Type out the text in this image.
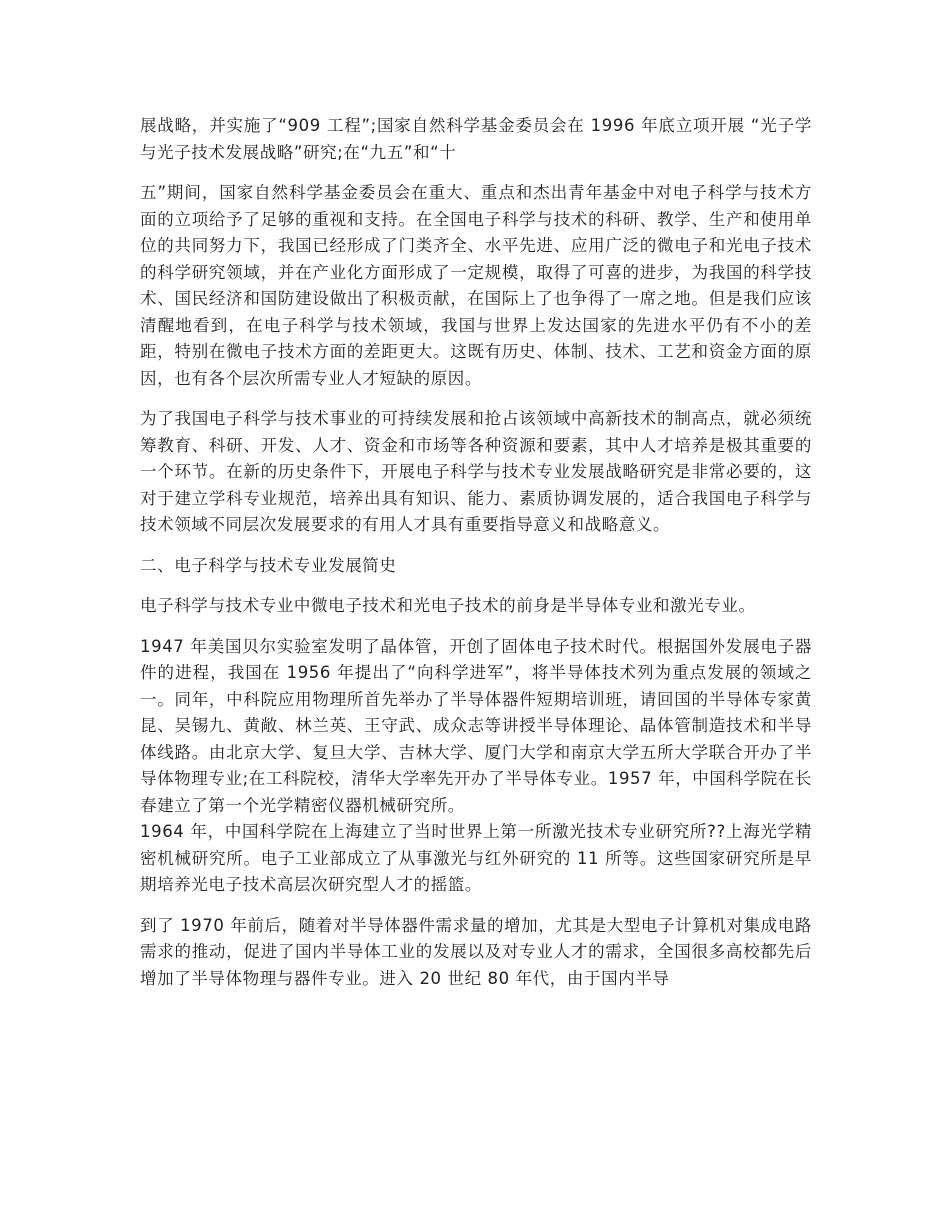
展战略，并实施了“909 工程”;国家自然科学基金委员会在 1996 年底立项开展 “光子学与光子技术发展战略”研究;在“九五”和“十

五”期间，国家自然科学基金委员会在重大、重点和杰出青年基金中对电子科学与技术方面的立项给予了足够的重视和支持。在全国电子科学与技术的科研、教学、生产和使用单位的共同努力下，我国已经形成了门类齐全、水平先进、应用广泛的微电子和光电子技术的科学研究领域，并在产业化方面形成了一定规模，取得了可喜的进步，为我国的科学技术、国民经济和国防建设做出了积极贡献，在国际上了也争得了一席之地。但是我们应该清醒地看到，在电子科学与技术领域，我国与世界上发达国家的先进水平仍有不小的差距，特别在微电子技术方面的差距更大。这既有历史、体制、技术、工艺和资金方面的原因，也有各个层次所需专业人才短缺的原因。

为了我国电子科学与技术事业的可持续发展和抢占该领域中高新技术的制高点，就必须统筹教育、科研、开发、人才、资金和市场等各种资源和要素，其中人才培养是极其重要的一个环节。在新的历史条件下，开展电子科学与技术专业发展战略研究是非常必要的，这对于建立学科专业规范，培养出具有知识、能力、素质协调发展的，适合我国电子科学与技术领域不同层次发展要求的有用人才具有重要指导意义和战略意义。

二、电子科学与技术专业发展简史

电子科学与技术专业中微电子技术和光电子技术的前身是半导体专业和激光专业。

1947 年美国贝尔实验室发明了晶体管，开创了固体电子技术时代。根据国外发展电子器件的进程，我国在 1956 年提出了“向科学进军”，将半导体技术列为重点发展的领域之一。同年，中科院应用物理所首先举办了半导体器件短期培训班，请回国的半导体专家黄昆、吴锡九、黄敞、林兰英、王守武、成众志等讲授半导体理论、晶体管制造技术和半导体线路。由北京大学、复旦大学、吉林大学、厦门大学和南京大学五所大学联合开办了半导体物理专业;在工科院校，清华大学率先开办了半导体专业。1957 年，中国科学院在长春建立了第一个光学精密仪器机械研究所。

1964 年，中国科学院在上海建立了当时世界上第一所激光技术专业研究所??上海光学精密机械研究所。电子工业部成立了从事激光与红外研究的 11 所等。这些国家研究所是早期培养光电子技术高层次研究型人才的摇篮。

到了 1970 年前后，随着对半导体器件需求量的增加，尤其是大型电子计算机对集成电路需求的推动，促进了国内半导体工业的发展以及对专业人才的需求，全国很多高校都先后增加了半导体物理与器件专业。进入 20 世纪 80 年代，由于国内半导
